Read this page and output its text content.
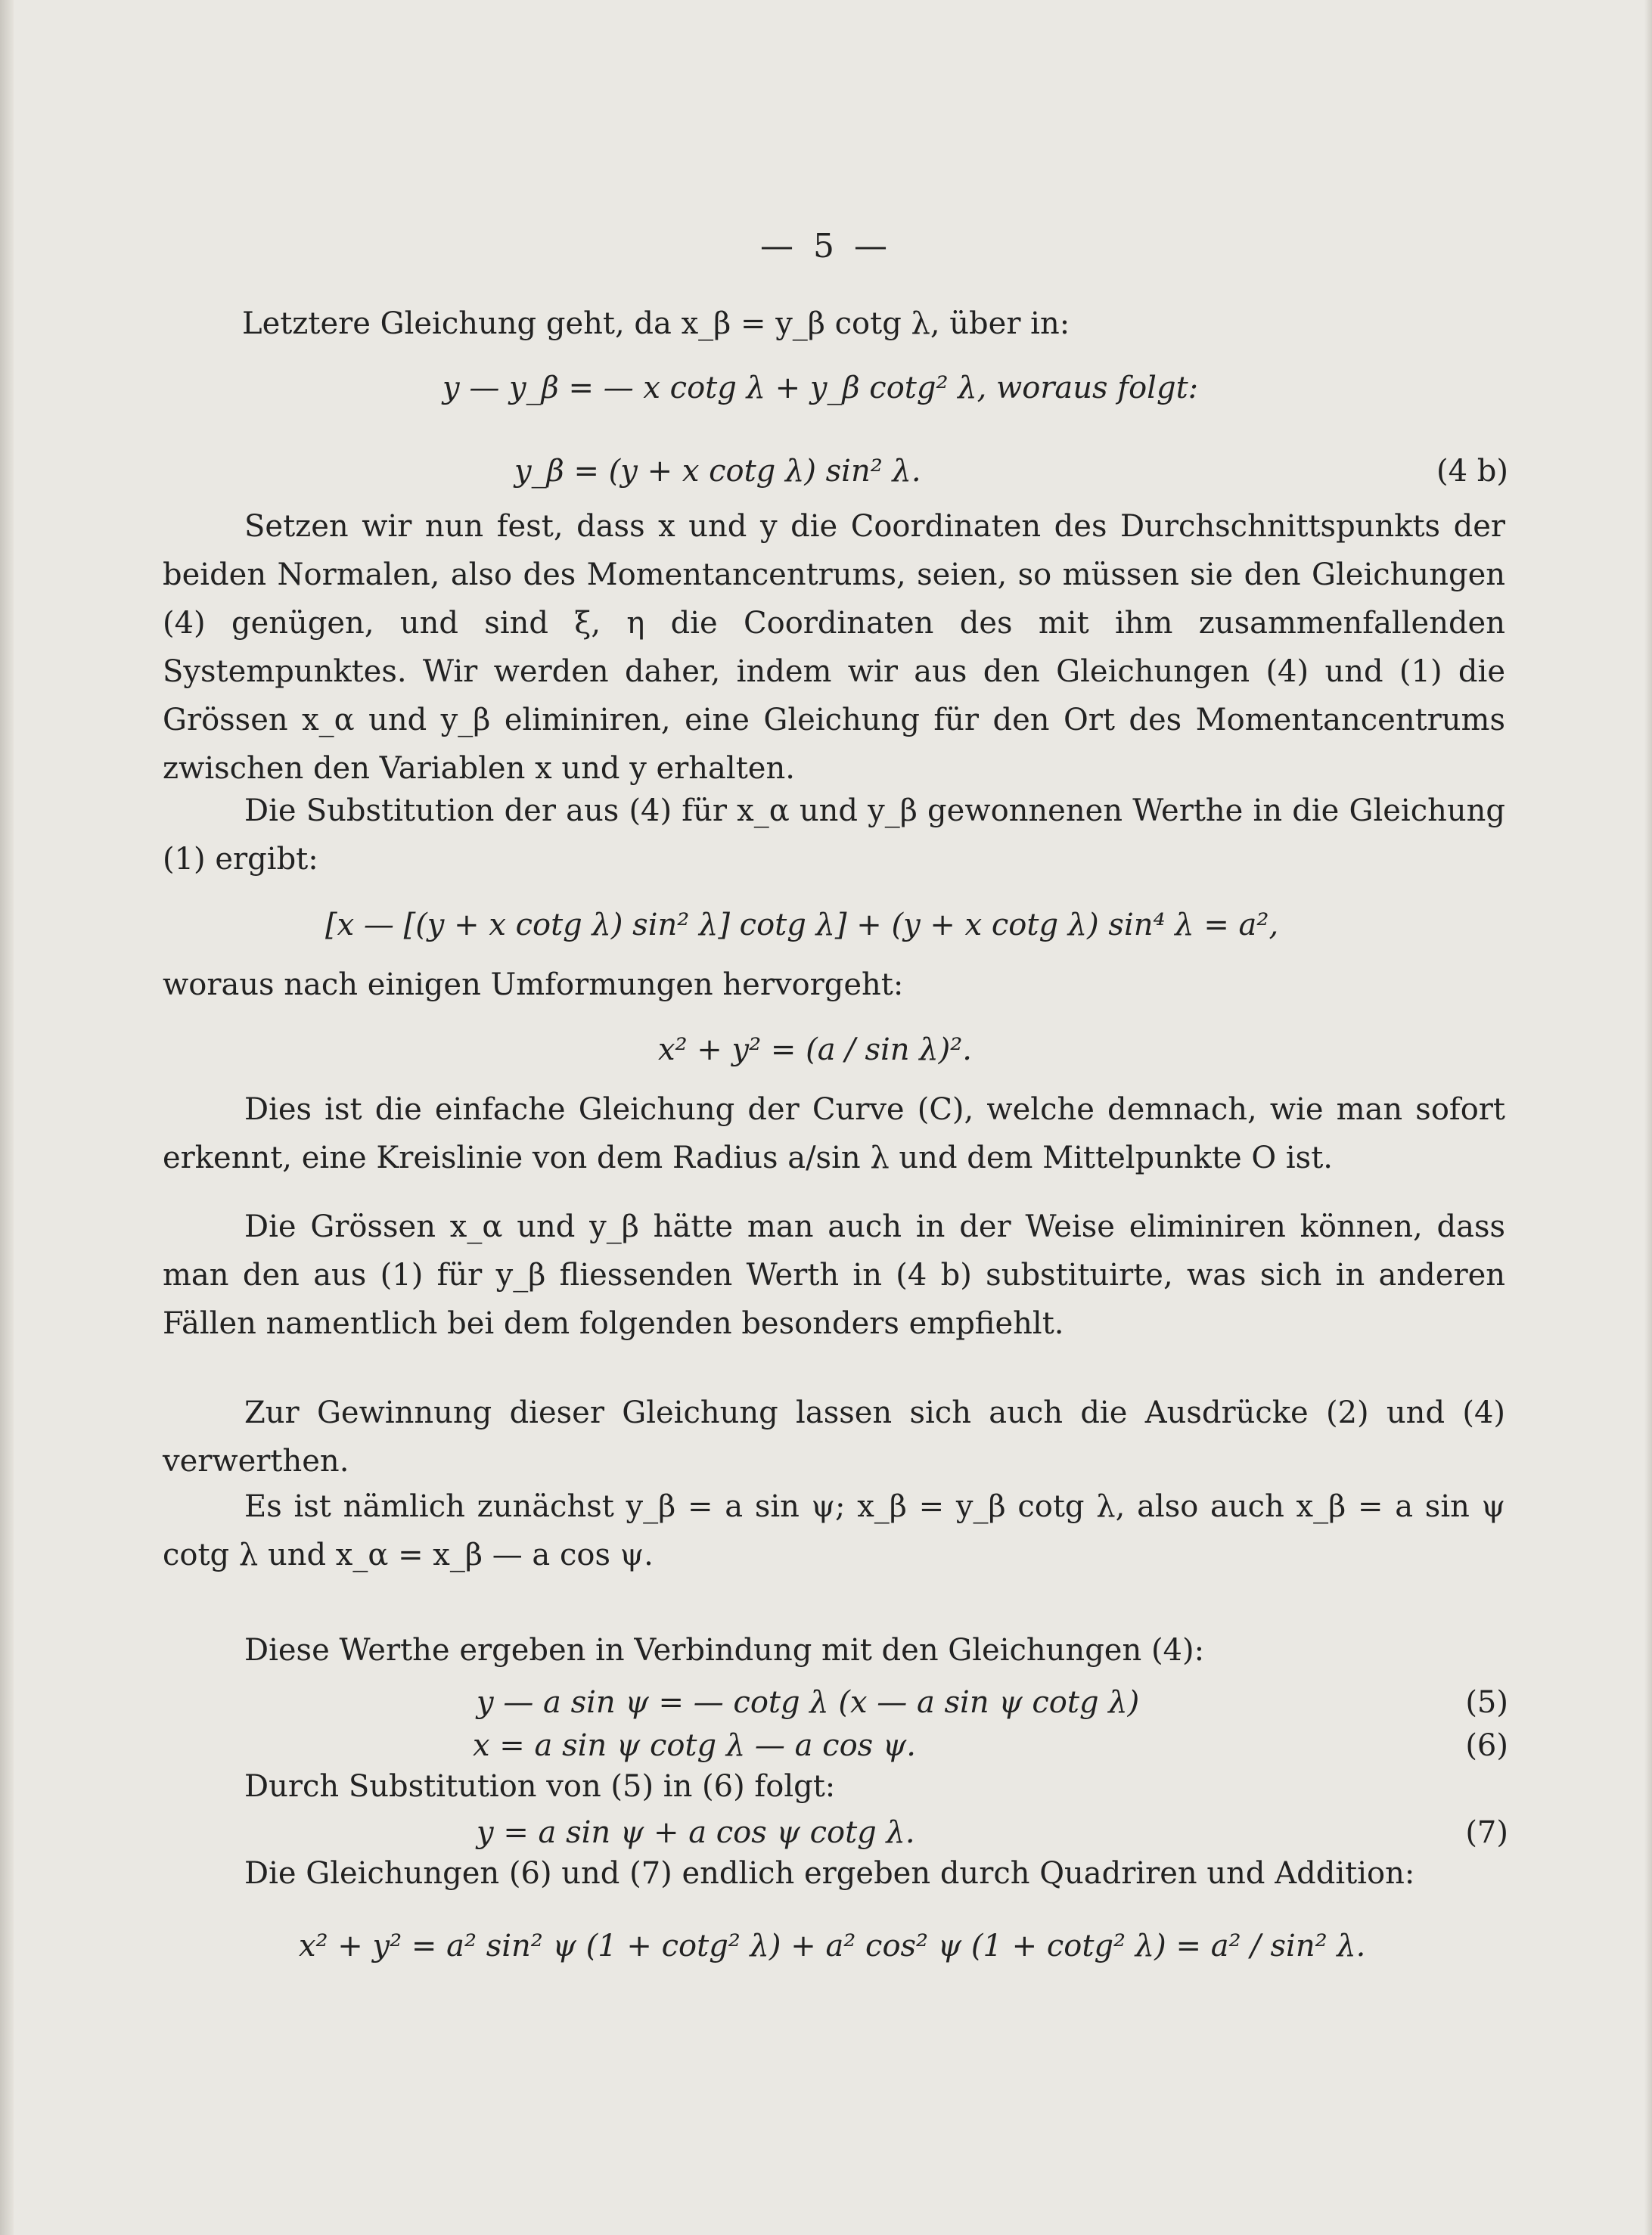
— 5 —
Letztere Gleichung geht, da x_β = y_β cotg λ, über in:
y — y_β = — x cotg λ + y_β cotg² λ, woraus folgt:
y_β = (y + x cotg λ) sin² λ.	(4 b)
Setzen wir nun fest, dass x und y die Coordinaten des Durchschnittspunkts der beiden Normalen, also des Momentancentrums, seien, so müssen sie den Gleichungen (4) genügen, und sind ξ, η die Coordinaten des mit ihm zusammenfallenden Systempunktes. Wir werden daher, indem wir aus den Gleichungen (4) und (1) die Grössen x_α und y_β eliminiren, eine Gleichung für den Ort des Momentancentrums zwischen den Variablen x und y erhalten.
Die Substitution der aus (4) für x_α und y_β gewonnenen Werthe in die Gleichung (1) ergibt:
[x — [(y + x cotg λ) sin² λ] cotg λ] + (y + x cotg λ) sin⁴ λ = a²,
woraus nach einigen Umformungen hervorgeht:
x² + y² = (a / sin λ)².
Dies ist die einfache Gleichung der Curve (C), welche demnach, wie man sofort erkennt, eine Kreislinie von dem Radius a/sin λ und dem Mittelpunkte O ist.
Die Grössen x_α und y_β hätte man auch in der Weise eliminiren können, dass man den aus (1) für y_β fliessenden Werth in (4 b) substituirte, was sich in anderen Fällen namentlich bei dem folgenden besonders empfiehlt.
Zur Gewinnung dieser Gleichung lassen sich auch die Ausdrücke (2) und (4) verwerthen.
Es ist nämlich zunächst y_β = a sin ψ; x_β = y_β cotg λ, also auch x_β = a sin ψ cotg λ und x_α = x_β — a cos ψ.
Diese Werthe ergeben in Verbindung mit den Gleichungen (4):
y — a sin ψ = — cotg λ (x — a sin ψ cotg λ)	(5)
x = a sin ψ cotg λ — a cos ψ.	(6)
Durch Substitution von (5) in (6) folgt:
y = a sin ψ + a cos ψ cotg λ.	(7)
Die Gleichungen (6) und (7) endlich ergeben durch Quadriren und Addition:
x² + y² = a² sin² ψ (1 + cotg² λ) + a² cos² ψ (1 + cotg² λ) = a² / sin² λ.
